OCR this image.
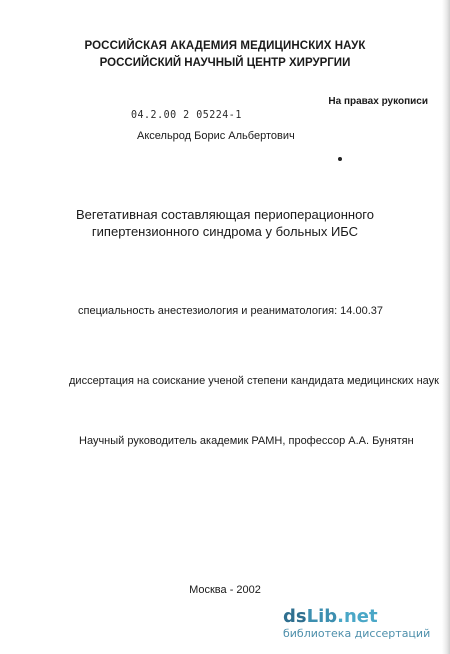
РОССИЙСКАЯ АКАДЕМИЯ МЕДИЦИНСКИХ НАУК
РОССИЙСКИЙ НАУЧНЫЙ ЦЕНТР ХИРУРГИИ
На правах рукописи
04.2.00 2 05224-1
Аксельрод Борис Альбертович
Вегетативная составляющая периоперационного
гипертензионного синдрома у больных ИБС
специальность анестезиология и реаниматология: 14.00.37
диссертация на соискание ученой степени кандидата медицинских наук
Научный руководитель академик РАМН, профессор А.А. Бунятян
Москва - 2002
dsLib.net
библиотека диссертаций
